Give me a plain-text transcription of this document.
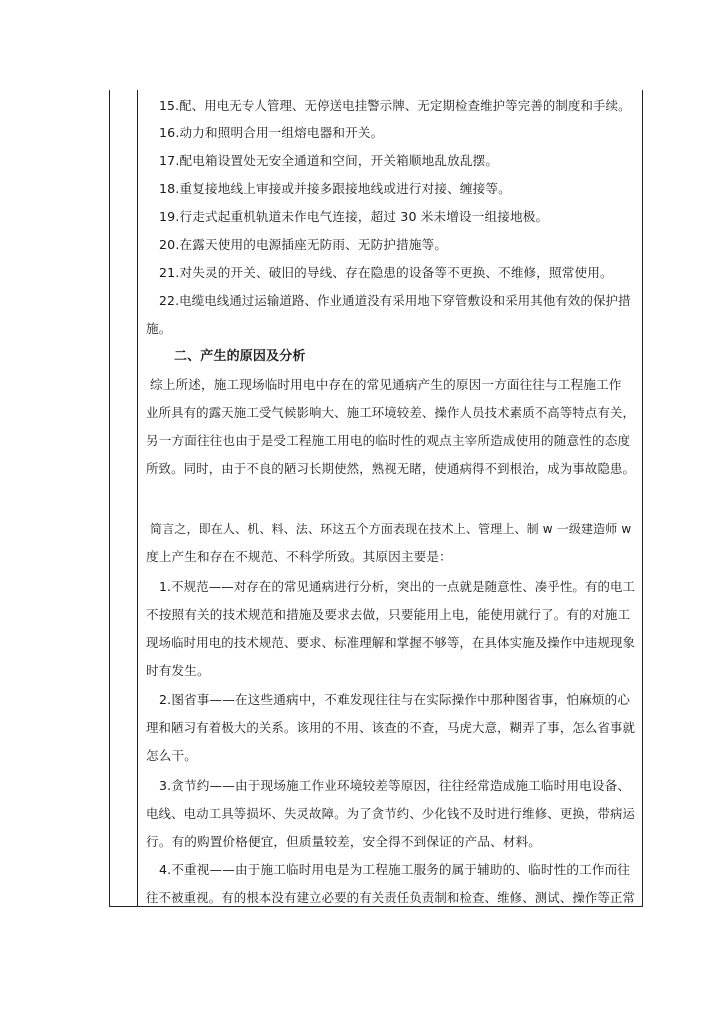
15.配、用电无专人管理、无停送电挂警示牌、无定期检查维护等完善的制度和手续。
16.动力和照明合用一组熔电器和开关。
17.配电箱设置处无安全通道和空间，开关箱顺地乱放乱摆。
18.重复接地线上审接或并接多跟接地线或进行对接、缠接等。
19.行走式起重机轨道未作电气连接，超过 30 米未增设一组接地极。
20.在露天使用的电源插座无防雨、无防护措施等。
21.对失灵的开关、破旧的导线、存在隐患的设备等不更换、不维修，照常使用。
22.电缆电线通过运输道路、作业通道没有采用地下穿管敷设和采用其他有效的保护措
施。
二、产生的原因及分析
综上所述，施工现场临时用电中存在的常见通病产生的原因一方面往往与工程施工作
业所具有的露天施工受气候影响大、施工环境较差、操作人员技术素质不高等特点有关，
另一方面往往也由于是受工程施工用电的临时性的观点主宰所造成使用的随意性的态度
所致。同时，由于不良的陋习长期使然，熟视无睹，使通病得不到根治，成为事故隐患。
简言之，即在人、机、料、法、环这五个方面表现在技术上、管理上、制 w 一级建造师 w
度上产生和存在不规范、不科学所致。其原因主要是：
1.不规范——对存在的常见通病进行分析，突出的一点就是随意性、凑乎性。有的电工
不按照有关的技术规范和措施及要求去做，只要能用上电，能使用就行了。有的对施工
现场临时用电的技术规范、要求、标准理解和掌握不够等，在具体实施及操作中违规现象
时有发生。
2.图省事——在这些通病中，不难发现往往与在实际操作中那种图省事，怕麻烦的心
理和陋习有着极大的关系。该用的不用、该查的不查，马虎大意，糊弄了事，怎么省事就
怎么干。
3.贪节约——由于现场施工作业环境较差等原因，往往经常造成施工临时用电设备、
电线、电动工具等损坏、失灵故障。为了贪节约、少化钱不及时进行维修、更换，带病运
行。有的购置价格便宜，但质量较差，安全得不到保证的产品、材料。
4.不重视——由于施工临时用电是为工程施工服务的属于辅助的、临时性的工作而往
往不被重视。有的根本没有建立必要的有关责任负责制和检查、维修、测试、操作等正常
